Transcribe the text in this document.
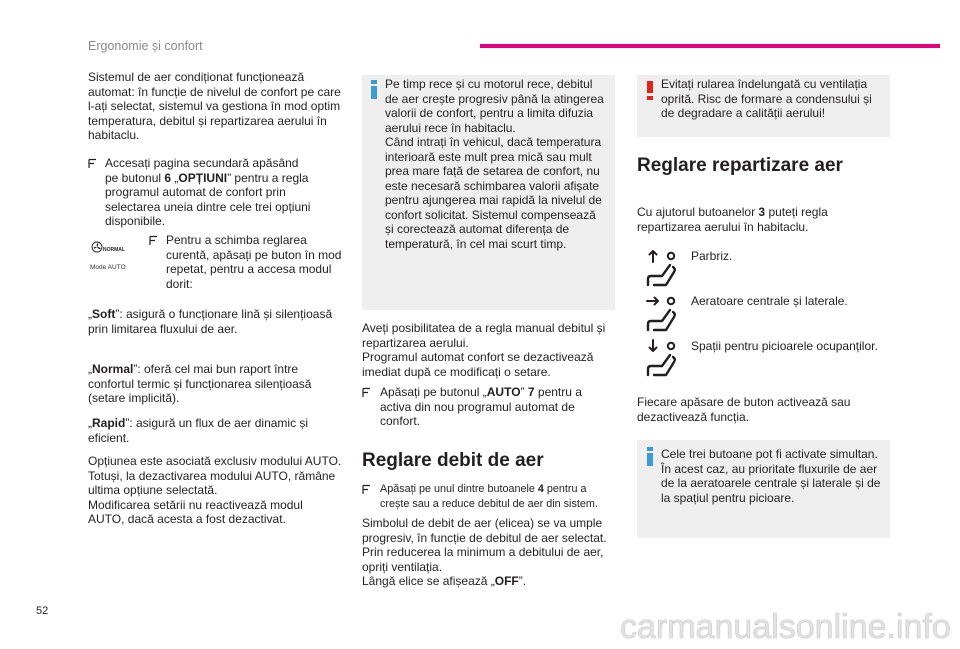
Ergonomie și confort
Sistemul de aer condiționat funcționează
automat: în funcție de nivelul de confort pe care
l-ați selectat, sistemul va gestiona în mod optim
temperatura, debitul și repartizarea aerului în
habitaclu.
Accesați pagina secundară apăsând
pe butonul 6 „OPȚIUNI” pentru a regla
programul automat de confort prin
selectarea uneia dintre cele trei opțiuni
disponibile.
NORMAL
Mode AUTO
Pentru a schimba reglarea
curentă, apăsați pe buton în mod
repetat, pentru a accesa modul
dorit:
„Soft”: asigură o funcționare lină și silențioasă
prin limitarea fluxului de aer.
„Normal”: oferă cel mai bun raport între
confortul termic și funcționarea silențioasă
(setare implicită).
„Rapid”: asigură un flux de aer dinamic și
eficient.
Opțiunea este asociată exclusiv modului AUTO.
Totuși, la dezactivarea modului AUTO, rămâne
ultima opțiune selectată.
Modificarea setării nu reactivează modul
AUTO, dacă acesta a fost dezactivat.
Pe timp rece și cu motorul rece, debitul
de aer crește progresiv până la atingerea
valorii de confort, pentru a limita difuzia
aerului rece în habitaclu.
Când intrați în vehicul, dacă temperatura
interioară este mult prea mică sau mult
prea mare față de setarea de confort, nu
este necesară schimbarea valorii afișate
pentru ajungerea mai rapidă la nivelul de
confort solicitat. Sistemul compensează
și corectează automat diferența de
temperatură, în cel mai scurt timp.
Aveți posibilitatea de a regla manual debitul și
repartizarea aerului.
Programul automat confort se dezactivează
imediat după ce modificați o setare.
Apăsați pe butonul „AUTO” 7 pentru a
activa din nou programul automat de
confort.
Reglare debit de aer
Apăsați pe unul dintre butoanele 4 pentru a
crește sau a reduce debitul de aer din sistem.
Simbolul de debit de aer (elicea) se va umple
progresiv, în funcție de debitul de aer selectat.
Prin reducerea la minimum a debitului de aer,
opriți ventilația.
Lângă elice se afișează „OFF”.
Evitați rularea îndelungată cu ventilația
oprită. Risc de formare a condensului și
de degradare a calității aerului!
Reglare repartizare aer
Cu ajutorul butoanelor 3 puteți regla
repartizarea aerului în habitaclu.
Parbriz.
Aeratoare centrale și laterale.
Spații pentru picioarele ocupanților.
Fiecare apăsare de buton activează sau
dezactivează funcția.
Cele trei butoane pot fi activate simultan.
În acest caz, au prioritate fluxurile de aer
de la aeratoarele centrale și laterale și de
la spațiul pentru picioare.
52	carmanualsonline.info
